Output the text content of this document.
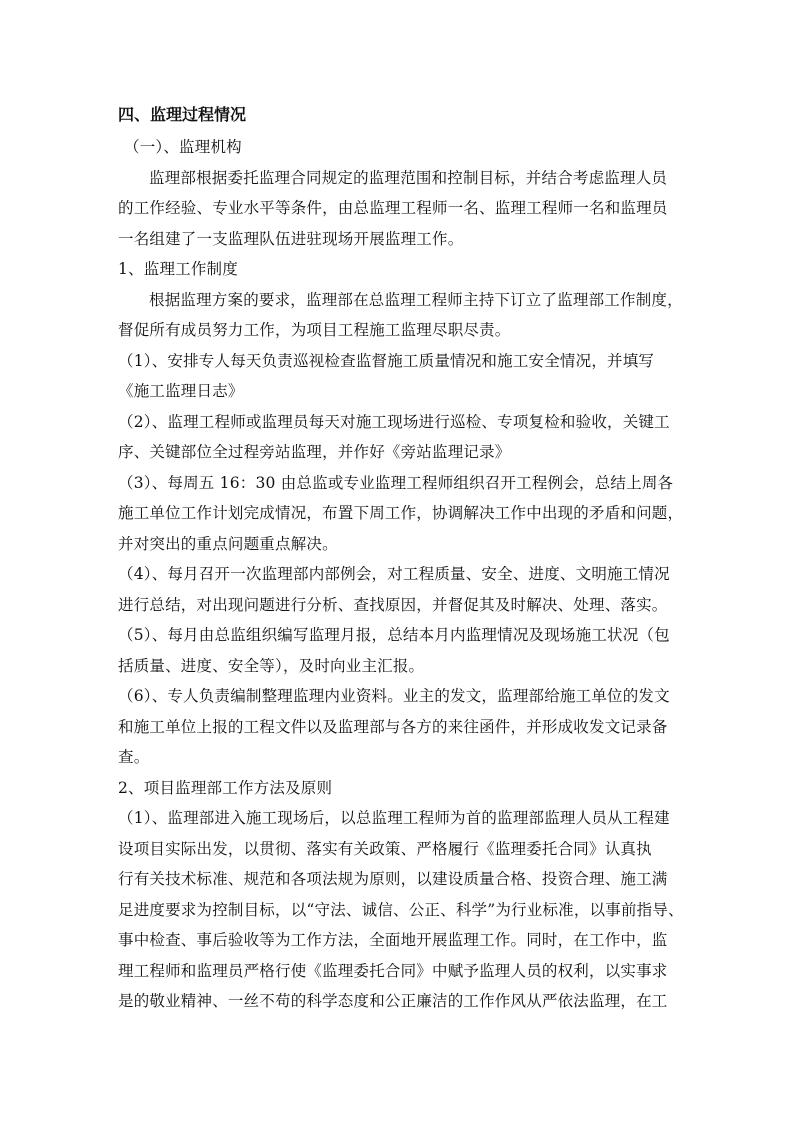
四、监理过程情况
（一）、监理机构
监理部根据委托监理合同规定的监理范围和控制目标，并结合考虑监理人员
的工作经验、专业水平等条件，由总监理工程师一名、监理工程师一名和监理员
一名组建了一支监理队伍进驻现场开展监理工作。
1、监理工作制度
根据监理方案的要求，监理部在总监理工程师主持下订立了监理部工作制度，
督促所有成员努力工作，为项目工程施工监理尽职尽责。
（1）、安排专人每天负责巡视检查监督施工质量情况和施工安全情况，并填写
《施工监理日志》
（2）、监理工程师或监理员每天对施工现场进行巡检、专项复检和验收，关键工
序、关键部位全过程旁站监理，并作好《旁站监理记录》
（3）、每周五 16：30 由总监或专业监理工程师组织召开工程例会，总结上周各
施工单位工作计划完成情况，布置下周工作，协调解决工作中出现的矛盾和问题，
并对突出的重点问题重点解决。
（4）、每月召开一次监理部内部例会，对工程质量、安全、进度、文明施工情况
进行总结，对出现问题进行分析、查找原因，并督促其及时解决、处理、落实。
（5）、每月由总监组织编写监理月报，总结本月内监理情况及现场施工状况（包
括质量、进度、安全等），及时向业主汇报。
（6）、专人负责编制整理监理内业资料。业主的发文，监理部给施工单位的发文
和施工单位上报的工程文件以及监理部与各方的来往函件，并形成收发文记录备
查。
2、项目监理部工作方法及原则
（1）、监理部进入施工现场后，以总监理工程师为首的监理部监理人员从工程建
设项目实际出发，以贯彻、落实有关政策、严格履行《监理委托合同》认真执
行有关技术标准、规范和各项法规为原则，以建设质量合格、投资合理、施工满
足进度要求为控制目标，以“守法、诚信、公正、科学”为行业标准，以事前指导、
事中检查、事后验收等为工作方法，全面地开展监理工作。同时，在工作中，监
理工程师和监理员严格行使《监理委托合同》中赋予监理人员的权利，以实事求
是的敬业精神、一丝不苟的科学态度和公正廉洁的工作作风从严依法监理，在工
